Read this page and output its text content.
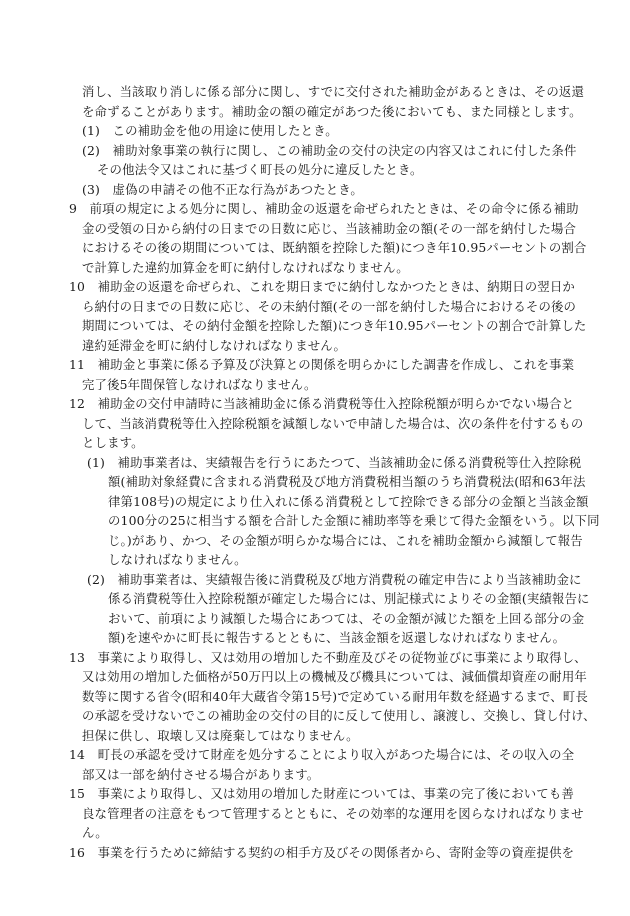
消し、当該取り消しに係る部分に関し、すでに交付された補助金があるときは、その返還
を命ずることがあります。補助金の額の確定があつた後においても、また同様とします。
(1)　この補助金を他の用途に使用したとき。
(2)　補助対象事業の執行に関し、この補助金の交付の決定の内容又はこれに付した条件
その他法令又はこれに基づく町長の処分に違反したとき。
(3)　虚偽の申請その他不正な行為があつたとき。
9　前項の規定による処分に関し、補助金の返還を命ぜられたときは、その命令に係る補助
金の受領の日から納付の日までの日数に応じ、当該補助金の額(その一部を納付した場合
におけるその後の期間については、既納額を控除した額)につき年10.95パーセントの割合
で計算した違約加算金を町に納付しなければなりません。
10　補助金の返還を命ぜられ、これを期日までに納付しなかつたときは、納期日の翌日か
ら納付の日までの日数に応じ、その未納付額(その一部を納付した場合におけるその後の
期間については、その納付金額を控除した額)につき年10.95パーセントの割合で計算した
違約延滞金を町に納付しなければなりません。
11　補助金と事業に係る予算及び決算との関係を明らかにした調書を作成し、これを事業
完了後5年間保管しなければなりません。
12　補助金の交付申請時に当該補助金に係る消費税等仕入控除税額が明らかでない場合と
して、当該消費税等仕入控除税額を減額しないで申請した場合は、次の条件を付するもの
とします。
(1)　補助事業者は、実績報告を行うにあたつて、当該補助金に係る消費税等仕入控除税
額(補助対象経費に含まれる消費税及び地方消費税相当額のうち消費税法(昭和63年法
律第108号)の規定により仕入れに係る消費税として控除できる部分の金額と当該金額
の100分の25に相当する額を合計した金額に補助率等を乗じて得た金額をいう。以下同
じ。)があり、かつ、その金額が明らかな場合には、これを補助金額から減額して報告
しなければなりません。
(2)　補助事業者は、実績報告後に消費税及び地方消費税の確定申告により当該補助金に
係る消費税等仕入控除税額が確定した場合には、別記様式によりその金額(実績報告に
おいて、前項により減額した場合にあつては、その金額が減じた額を上回る部分の金
額)を速やかに町長に報告するとともに、当該金額を返還しなければなりません。
13　事業により取得し、又は効用の増加した不動産及びその従物並びに事業により取得し、
又は効用の増加した価格が50万円以上の機械及び機具については、減価償却資産の耐用年
数等に関する省令(昭和40年大蔵省令第15号)で定めている耐用年数を経過するまで、町長
の承認を受けないでこの補助金の交付の目的に反して使用し、譲渡し、交換し、貸し付け、
担保に供し、取壊し又は廃棄してはなりません。
14　町長の承認を受けて財産を処分することにより収入があつた場合には、その収入の全
部又は一部を納付させる場合があります。
15　事業により取得し、又は効用の増加した財産については、事業の完了後においても善
良な管理者の注意をもつて管理するとともに、その効率的な運用を図らなければなりませ
ん。
16　事業を行うために締結する契約の相手方及びその関係者から、寄附金等の資産提供を
